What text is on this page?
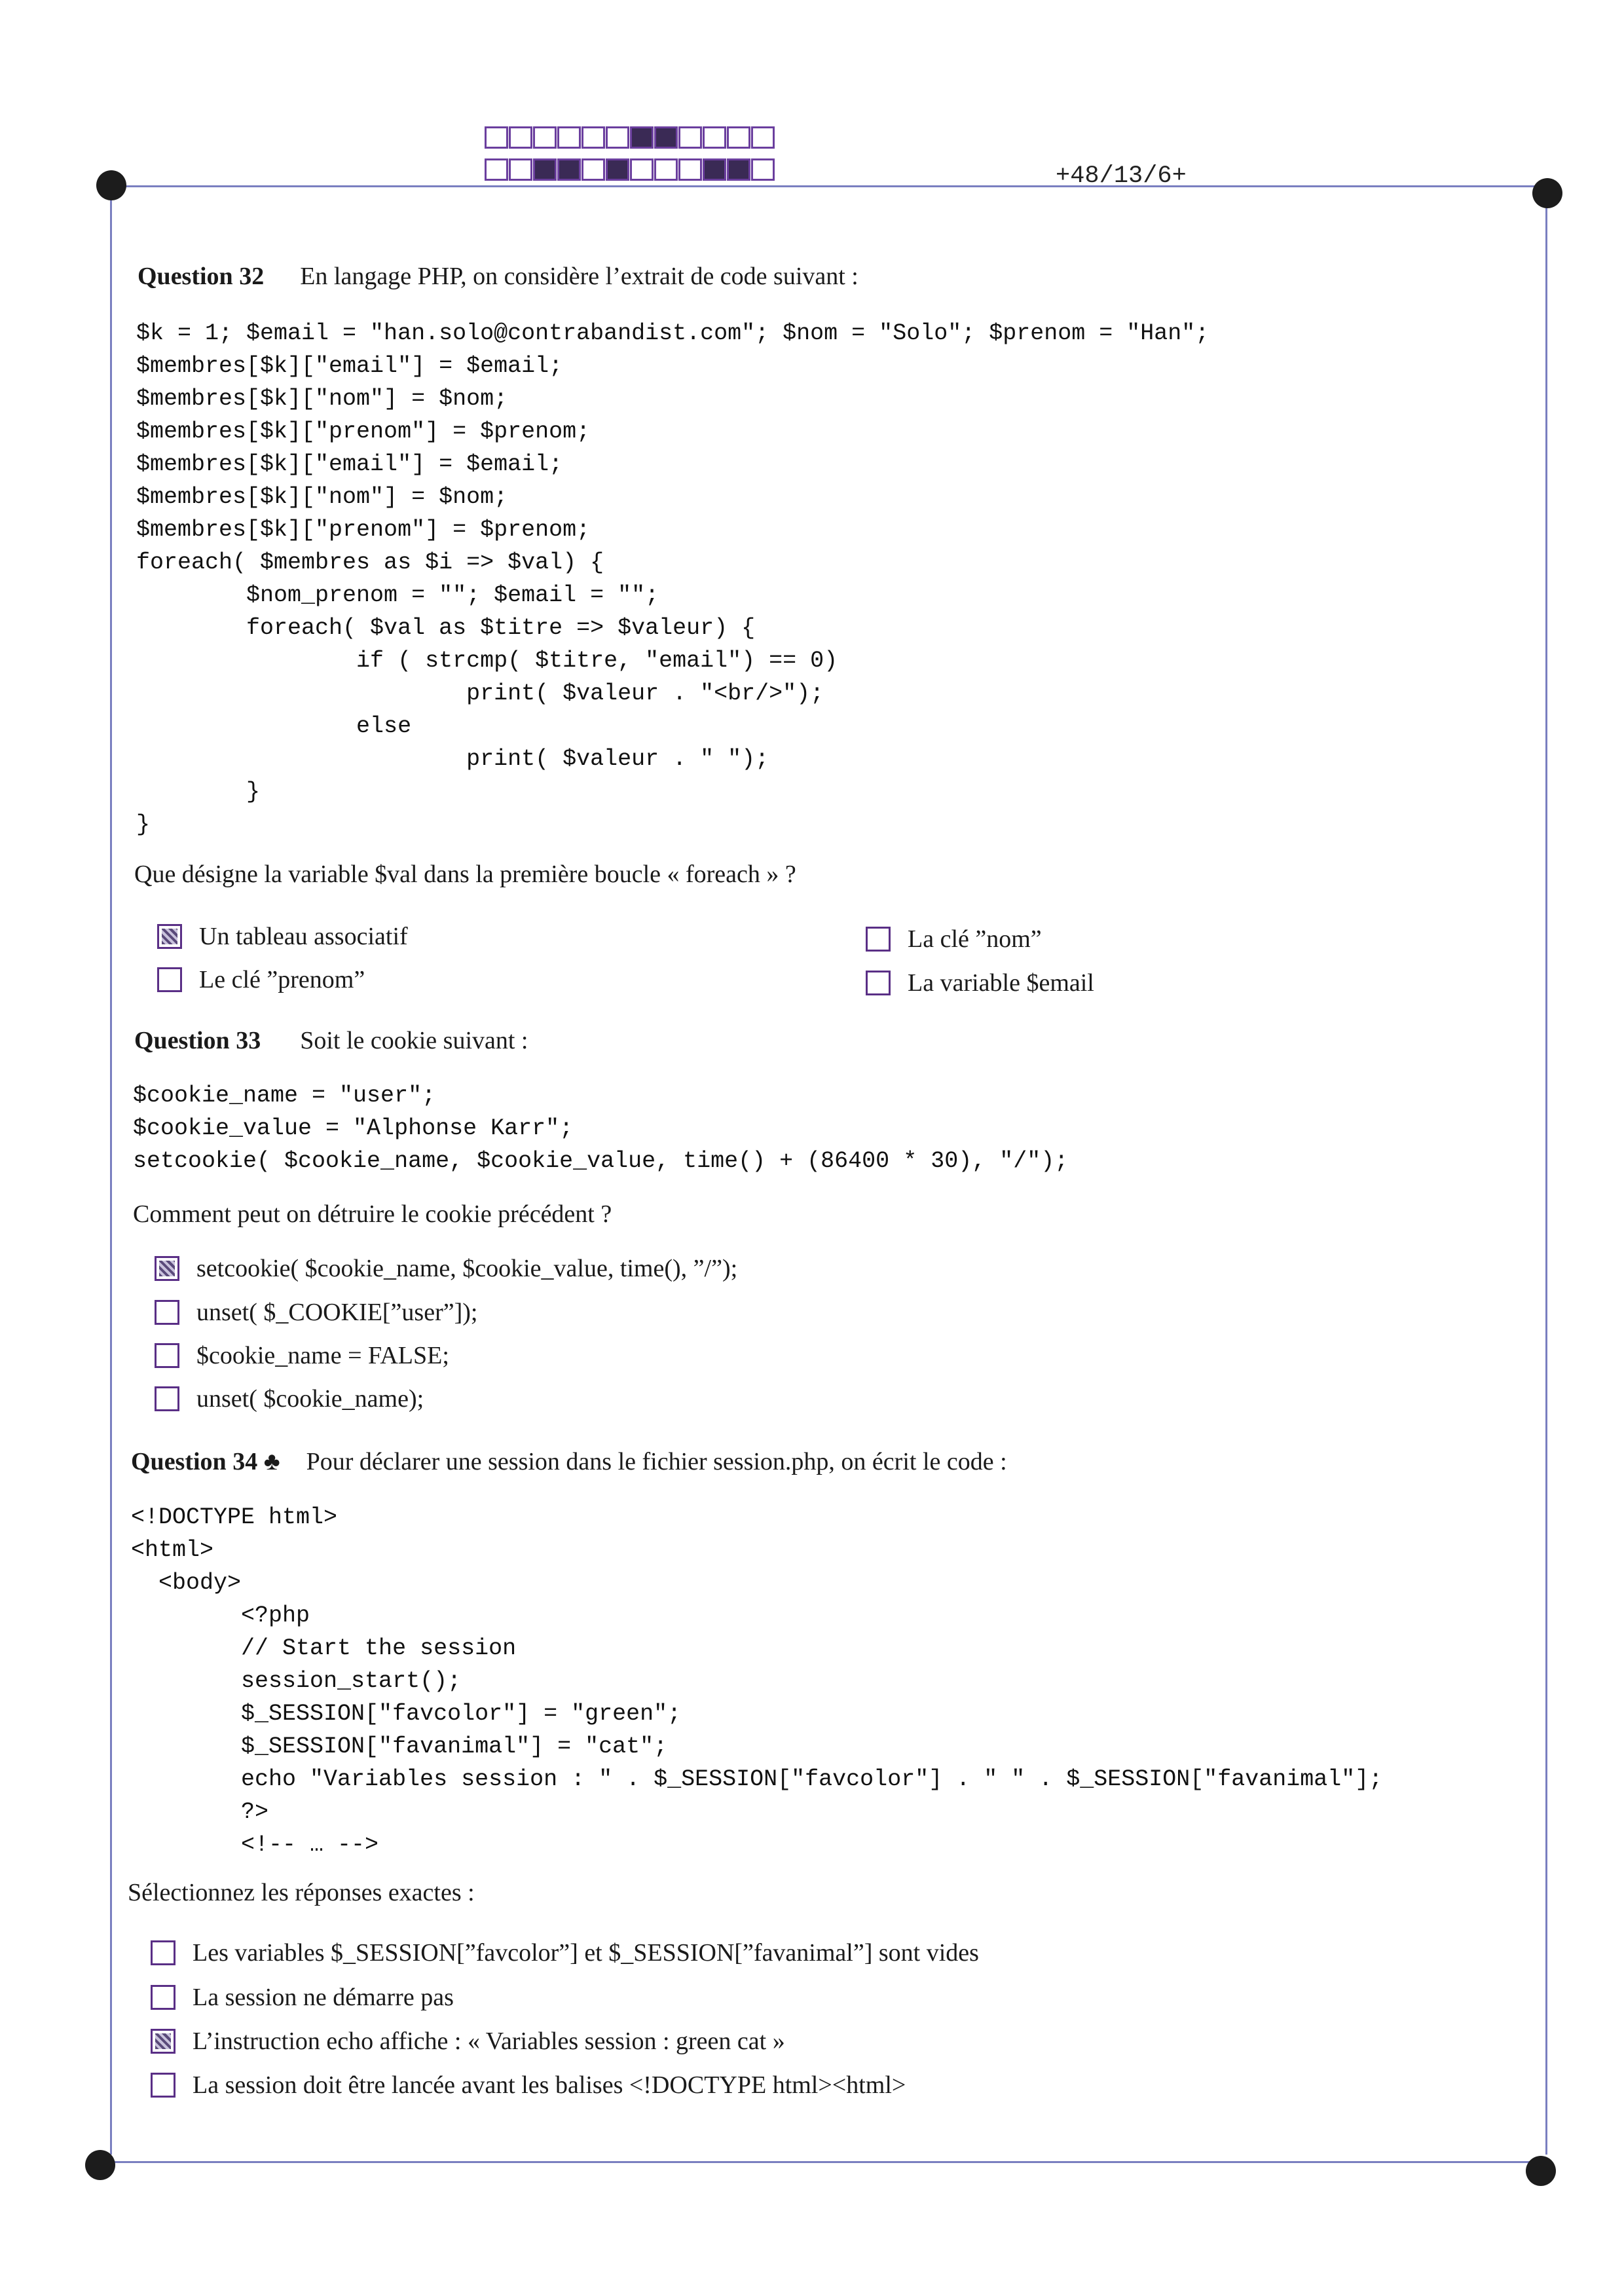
+48/13/6+
Question 32 En langage PHP, on considère l’extrait de code suivant :
$k = 1; $email = "han.solo@contrabandist.com"; $nom = "Solo"; $prenom = "Han";
$membres[$k]["email"] = $email;
$membres[$k]["nom"] = $nom;
$membres[$k]["prenom"] = $prenom;
$membres[$k]["email"] = $email;
$membres[$k]["nom"] = $nom;
$membres[$k]["prenom"] = $prenom;
foreach( $membres as $i => $val) {
$nom_prenom = ""; $email = "";
foreach( $val as $titre => $valeur) {
if ( strcmp( $titre, "email") == 0)
print( $valeur . "<br/>");
else
print( $valeur . " ");
}
}
Que désigne la variable $val dans la première boucle « foreach » ?
Un tableau associatif	La clé ”nom”
Le clé ”prenom”	La variable $email
Question 33 Soit le cookie suivant :
$cookie_name = "user";
$cookie_value = "Alphonse Karr";
setcookie( $cookie_name, $cookie_value, time() + (86400 * 30), "/");
Comment peut on détruire le cookie précédent ?
setcookie( $cookie_name, $cookie_value, time(), ”/”);
unset( $_COOKIE[”user”]);
$cookie_name = FALSE;
unset( $cookie_name);
Question 34 ♣ Pour déclarer une session dans le fichier session.php, on écrit le code :
<!DOCTYPE html>
<html>
<body>
<?php
// Start the session
session_start();
$_SESSION["favcolor"] = "green";
$_SESSION["favanimal"] = "cat";
echo "Variables session : " . $_SESSION["favcolor"] . " " . $_SESSION["favanimal"];
?>
<!-- … -->
Sélectionnez les réponses exactes :
Les variables $_SESSION[”favcolor”] et $_SESSION[”favanimal”] sont vides
La session ne démarre pas
L’instruction echo affiche : « Variables session : green cat »
La session doit être lancée avant les balises <!DOCTYPE html><html>
